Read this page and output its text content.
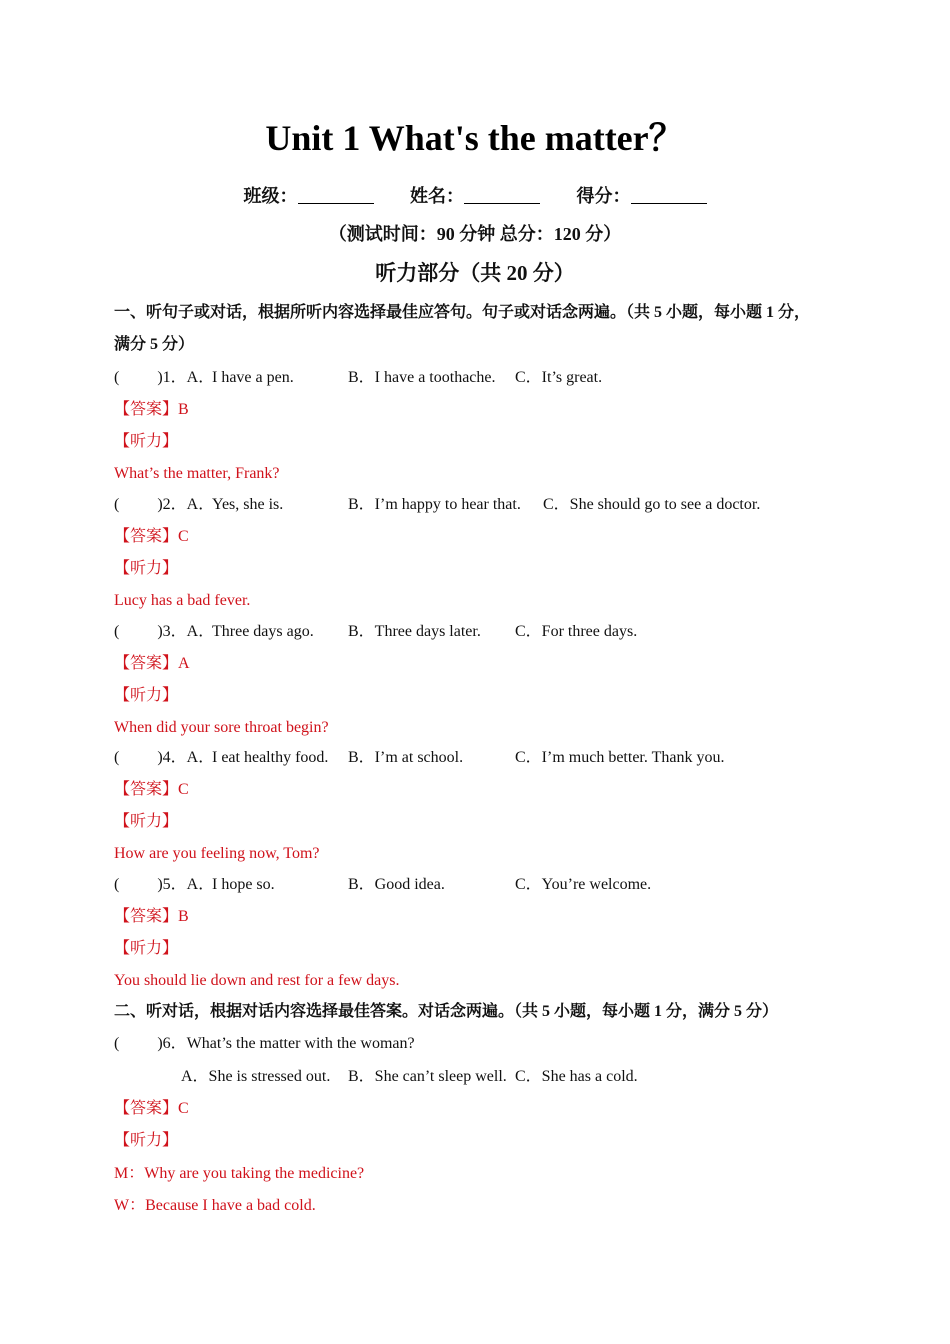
Unit 1 What's the matter？
班级：	姓名：	得分：
（测试时间：90 分钟 总分：120 分）
听力部分（共 20 分）
一、听句子或对话，根据所听内容选择最佳应答句。句子或对话念两遍。（共 5 小题，每小题 1 分，
满分 5 分）
( )1．A．
I have a pen.	B．I have a toothache. C．It’s great.
【答案】B
【听力】
What’s the matter, Frank?
( )2．A．
Yes, she is.	B．I’m happy to hear that. C．She should go to see a doctor.
【答案】C
【听力】
Lucy has a bad fever.
( )3．A．
Three days ago. B．Three days later. C．For three days.
【答案】A
【听力】
When did your sore throat begin?
( )4．A．
I eat healthy food. B．I’m at school.	C．I’m much better. Thank you.
【答案】C
【听力】
How are you feeling now, Tom?
( )5．A．
I hope so.	B．Good idea.	C．You’re welcome.
【答案】B
【听力】
You should lie down and rest for a few days.
二、听对话，根据对话内容选择最佳答案。对话念两遍。（共 5 小题，每小题 1 分，满分 5 分）
( )6．What’s the matter with the woman?
A．She is stressed out. B．She can’t sleep well. C．She has a cold.
【答案】C
【听力】
M：Why are you taking the medicine?
W：Because I have a bad cold.
